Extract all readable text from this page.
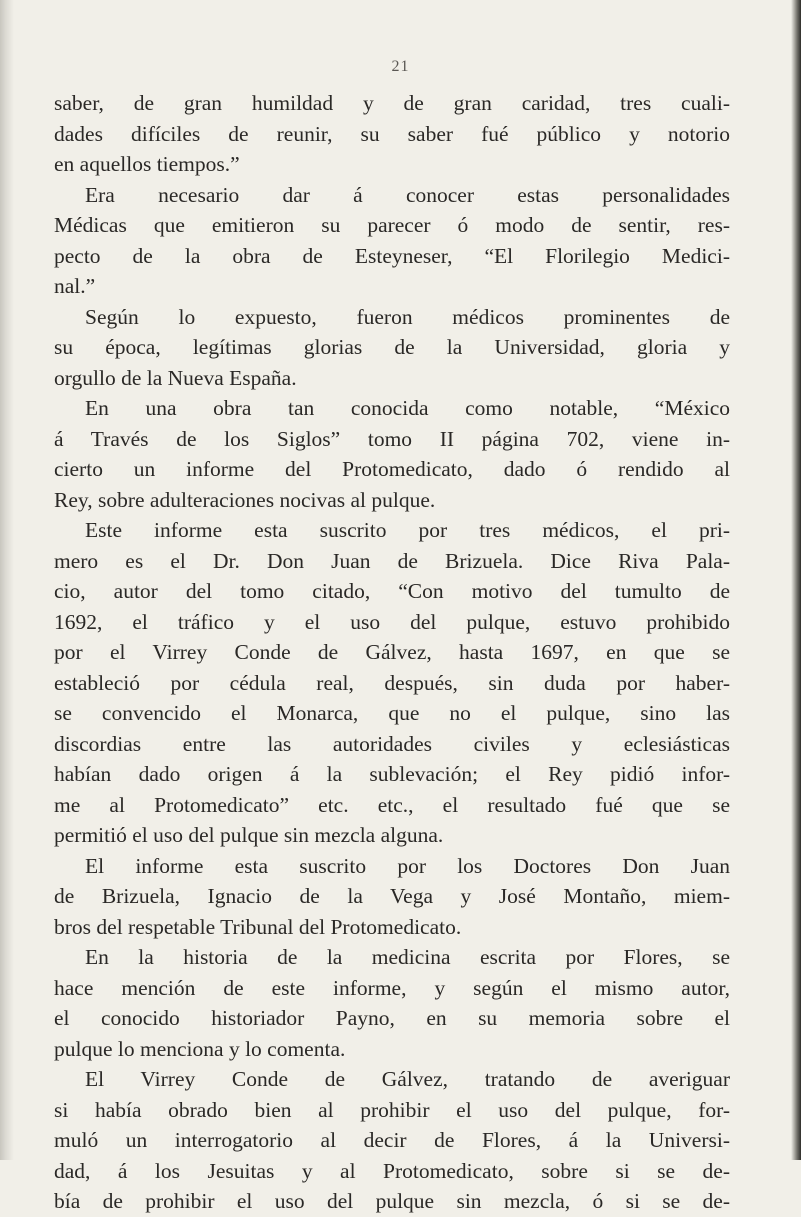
21
saber, de gran humildad y de gran caridad, tres cuali-
dades difíciles de reunir, su saber fué público y notorio
en aquellos tiempos.”
Era necesario dar á conocer estas personalidades
Médicas que emitieron su parecer ó modo de sentir, res-
pecto de la obra de Esteyneser, “El Florilegio Medici-
nal.”
Según lo expuesto, fueron médicos prominentes de
su época, legítimas glorias de la Universidad, gloria y
orgullo de la Nueva España.
En una obra tan conocida como notable, “México
á Través de los Siglos” tomo II página 702, viene in-
cierto un informe del Protomedicato, dado ó rendido al
Rey, sobre adulteraciones nocivas al pulque.
Este informe esta suscrito por tres médicos, el pri-
mero es el Dr. Don Juan de Brizuela. Dice Riva Pala-
cio, autor del tomo citado, “Con motivo del tumulto de
1692, el tráfico y el uso del pulque, estuvo prohibido
por el Virrey Conde de Gálvez, hasta 1697, en que se
estableció por cédula real, después, sin duda por haber-
se convencido el Monarca, que no el pulque, sino las
discordias entre las autoridades civiles y eclesiásticas
habían dado origen á la sublevación; el Rey pidió infor-
me al Protomedicato” etc. etc., el resultado fué que se
permitió el uso del pulque sin mezcla alguna.
El informe esta suscrito por los Doctores Don Juan
de Brizuela, Ignacio de la Vega y José Montaño, miem-
bros del respetable Tribunal del Protomedicato.
En la historia de la medicina escrita por Flores, se
hace mención de este informe, y según el mismo autor,
el conocido historiador Payno, en su memoria sobre el
pulque lo menciona y lo comenta.
El Virrey Conde de Gálvez, tratando de averiguar
si había obrado bien al prohibir el uso del pulque, for-
muló un interrogatorio al decir de Flores, á la Universi-
dad, á los Jesuitas y al Protomedicato, sobre si se de-
bía de prohibir el uso del pulque sin mezcla, ó si se de-
